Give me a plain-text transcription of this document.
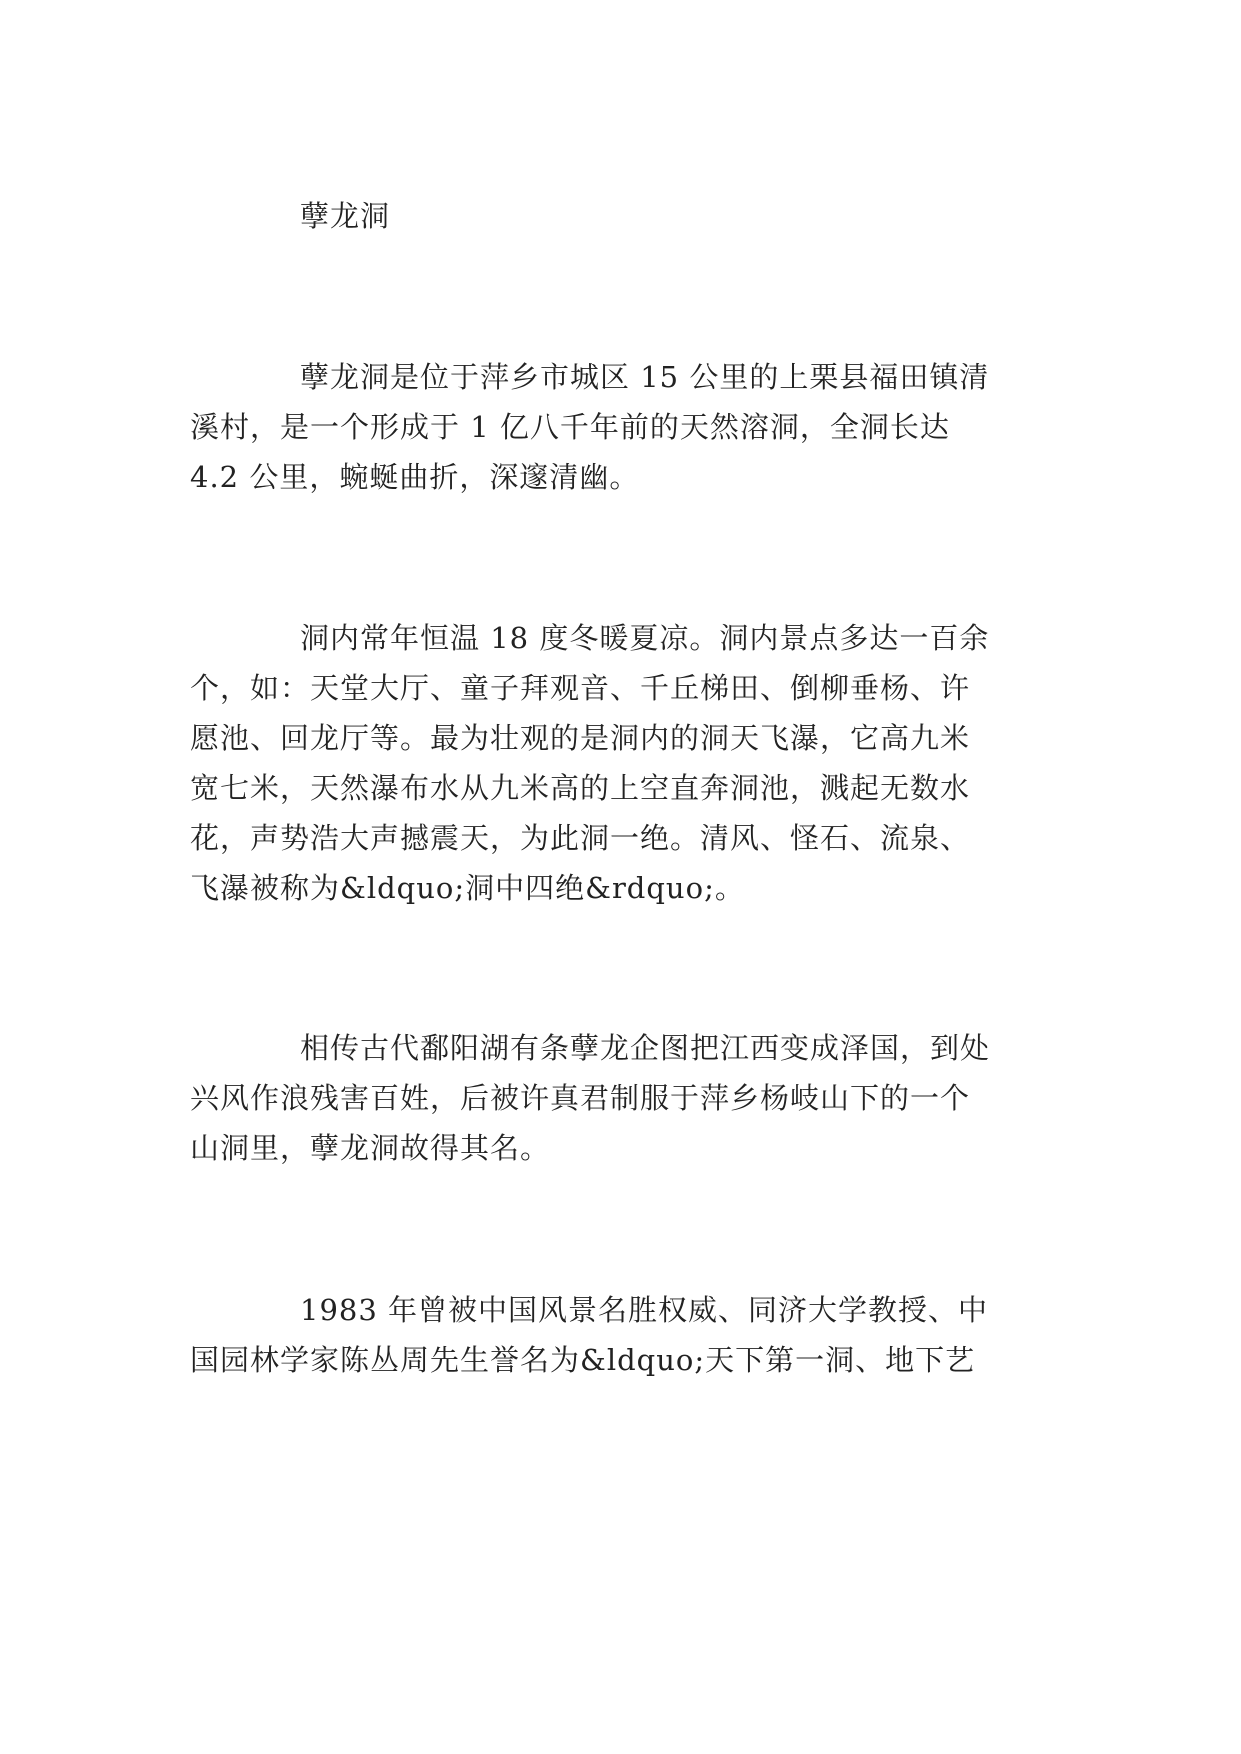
孽龙洞
孽龙洞是位于萍乡市城区 15 公里的上栗县福田镇清
溪村，是一个形成于 1 亿八千年前的天然溶洞，全洞长达
4.2 公里，蜿蜒曲折，深邃清幽。
洞内常年恒温 18 度冬暖夏凉。洞内景点多达一百余
个，如：天堂大厅、童子拜观音、千丘梯田、倒柳垂杨、许
愿池、回龙厅等。最为壮观的是洞内的洞天飞瀑，它高九米
宽七米，天然瀑布水从九米高的上空直奔洞池，溅起无数水
花，声势浩大声撼震天，为此洞一绝。清风、怪石、流泉、
飞瀑被称为&ldquo;洞中四绝&rdquo;。
相传古代鄱阳湖有条孽龙企图把江西变成泽国，到处
兴风作浪残害百姓，后被许真君制服于萍乡杨岐山下的一个
山洞里，孽龙洞故得其名。
1983 年曾被中国风景名胜权威、同济大学教授、中
国园林学家陈丛周先生誉名为&ldquo;天下第一洞、地下艺
